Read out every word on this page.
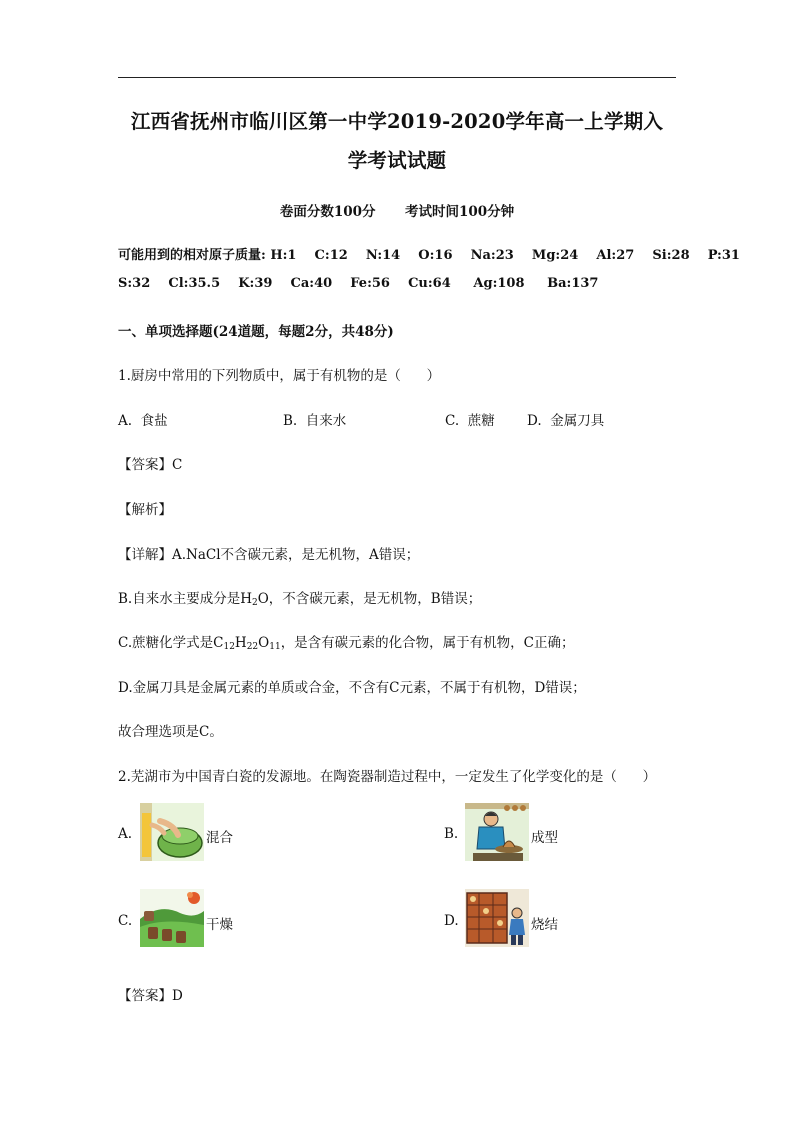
江西省抚州市临川区第一中学2019-2020学年高一上学期入
学考试试题
卷面分数100分 考试时间100分钟
可能用到的相对原子质量: H:1    C:12    N:14    O:16    Na:23    Mg:24    Al:27    Si:28    P:31
S:32    Cl:35.5    K:39    Ca:40    Fe:56    Cu:64     Ag:108     Ba:137
一、单项选择题(24道题，每题2分，共48分)
1.厨房中常用的下列物质中，属于有机物的是（      ）
A.  食盐	B.  自来水	C.  蔗糖 D.  金属刀具
【答案】C
【解析】
【详解】A.NaCl不含碳元素，是无机物，A错误；
B.自来水主要成分是$H_2O$，不含碳元素，是无机物，B错误；
C.蔗糖化学式是$C_{12}H_{22}O_{11}$，是含有碳元素的化合物，属于有机物，C正确；
D.金属刀具是金属元素的单质或合金，不含有C元素，不属于有机物，D错误；
故合理选项是C。
2.芜湖市为中国青白瓷的发源地。在陶瓷器制造过程中，一定发生了化学变化的是（      ）
A.	混合	B.	成型
C.	干燥	D.	烧结
【答案】D
